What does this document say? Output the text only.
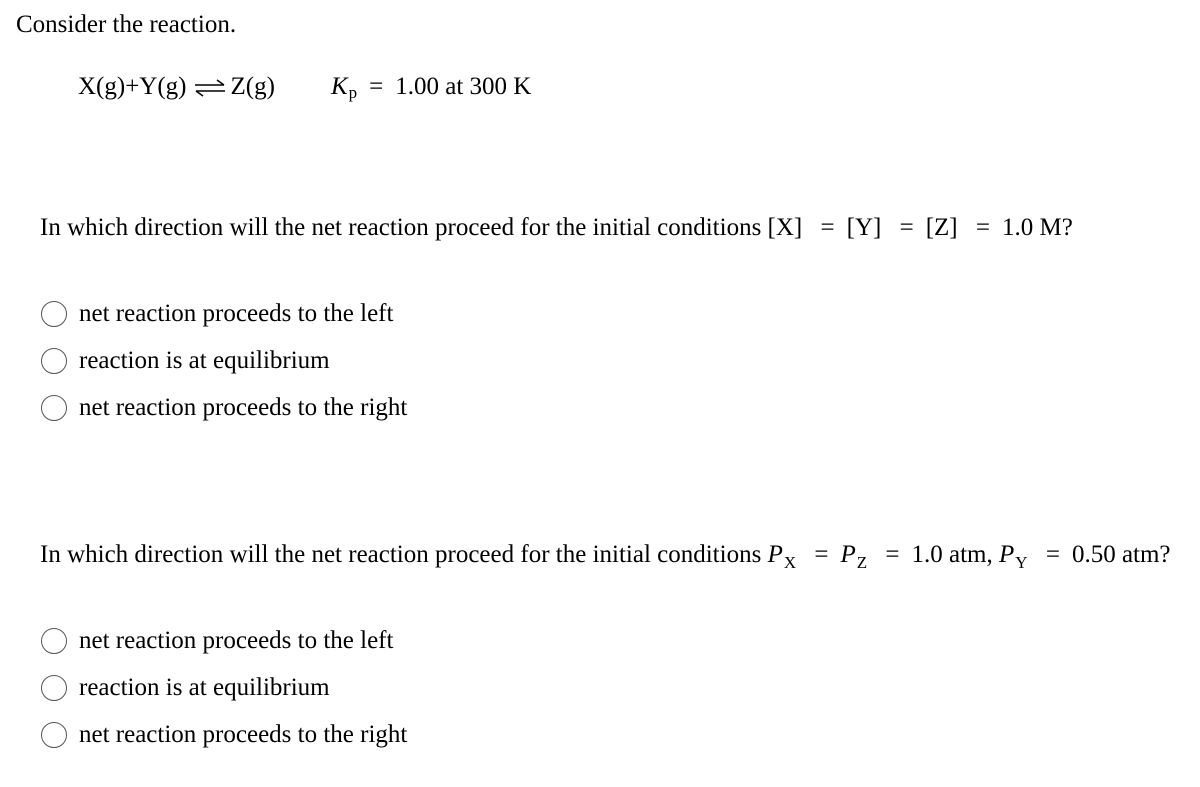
Consider the reaction.
X(g)+Y(g) ⇌ Z(g) K p = 1.00 at 300 K
In which direction will the net reaction proceed for the initial conditions [X] = [Y] = [Z] = 1.0 M?
net reaction proceeds to the left
reaction is at equilibrium
net reaction proceeds to the right
In which direction will the net reaction proceed for the initial conditions $P_X = P_Z = 1.0$ atm, $P_Y = 0.50$ atm?
net reaction proceeds to the left
reaction is at equilibrium
net reaction proceeds to the right
